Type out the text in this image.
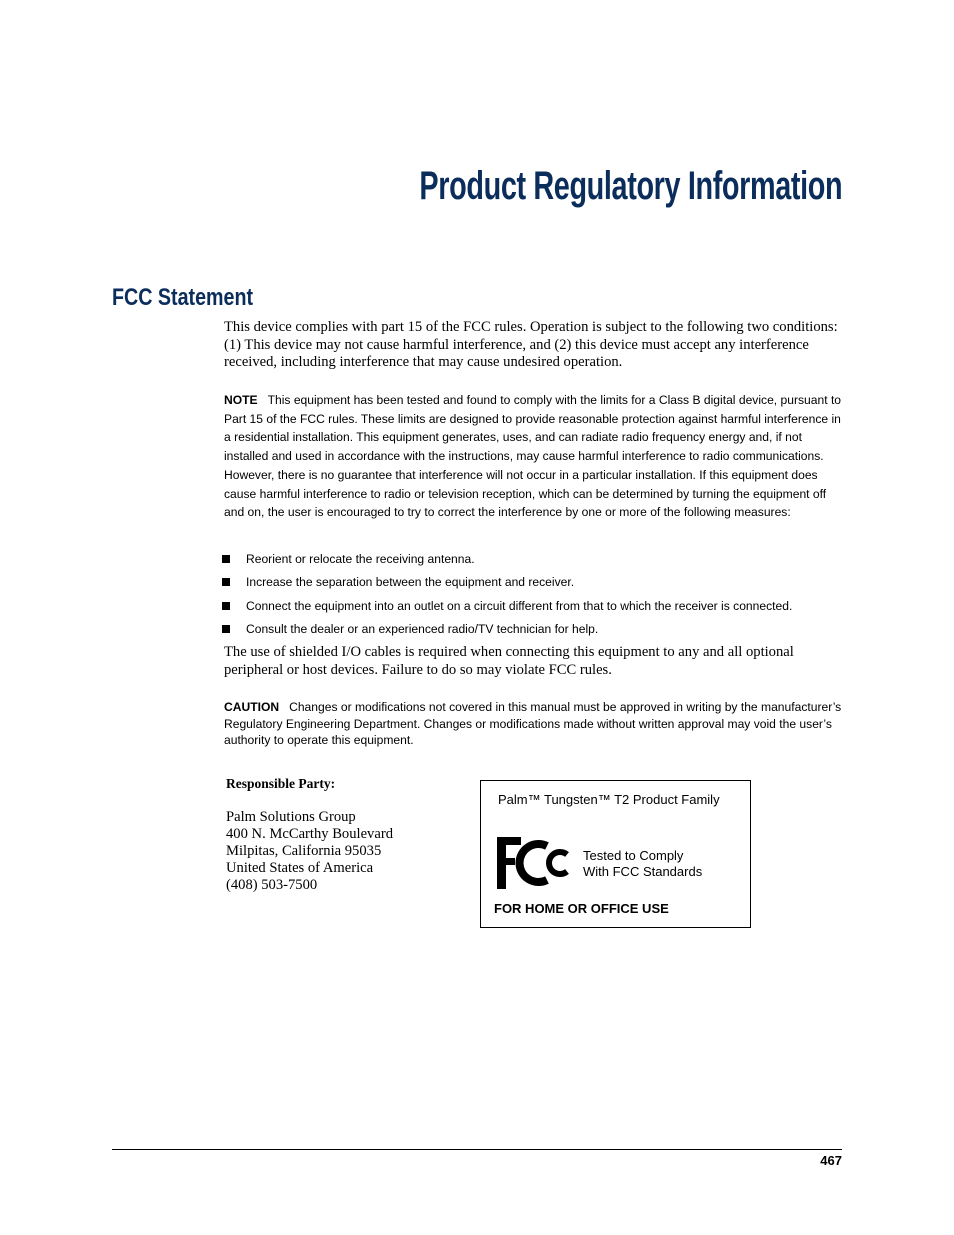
Product Regulatory Information
FCC Statement

This device complies with part 15 of the FCC rules. Operation is subject to the following two conditions: (1) This device may not cause harmful interference, and (2) this device must accept any interference received, including interference that may cause undesired operation.

NOTE This equipment has been tested and found to comply with the limits for a Class B digital device, pursuant to Part 15 of the FCC rules. These limits are designed to provide reasonable protection against harmful interference in a residential installation. This equipment generates, uses, and can radiate radio frequency energy and, if not installed and used in accordance with the instructions, may cause harmful interference to radio communications. However, there is no guarantee that interference will not occur in a particular installation. If this equipment does cause harmful interference to radio or television reception, which can be determined by turning the equipment off and on, the user is encouraged to try to correct the interference by one or more of the following measures:

Reorient or relocate the receiving antenna.
Increase the separation between the equipment and receiver.
Connect the equipment into an outlet on a circuit different from that to which the receiver is connected.
Consult the dealer or an experienced radio/TV technician for help.

The use of shielded I/O cables is required when connecting this equipment to any and all optional peripheral or host devices. Failure to do so may violate FCC rules.

CAUTION Changes or modifications not covered in this manual must be approved in writing by the manufacturer’s Regulatory Engineering Department. Changes or modifications made without written approval may void the user’s authority to operate this equipment.

Responsible Party:
Palm Solutions Group
400 N. McCarthy Boulevard
Milpitas, California 95035
United States of America
(408) 503-7500
Palm™ Tungsten™ T2 Product Family
Tested to Comply
With FCC Standards
FOR HOME OR OFFICE USE
467
